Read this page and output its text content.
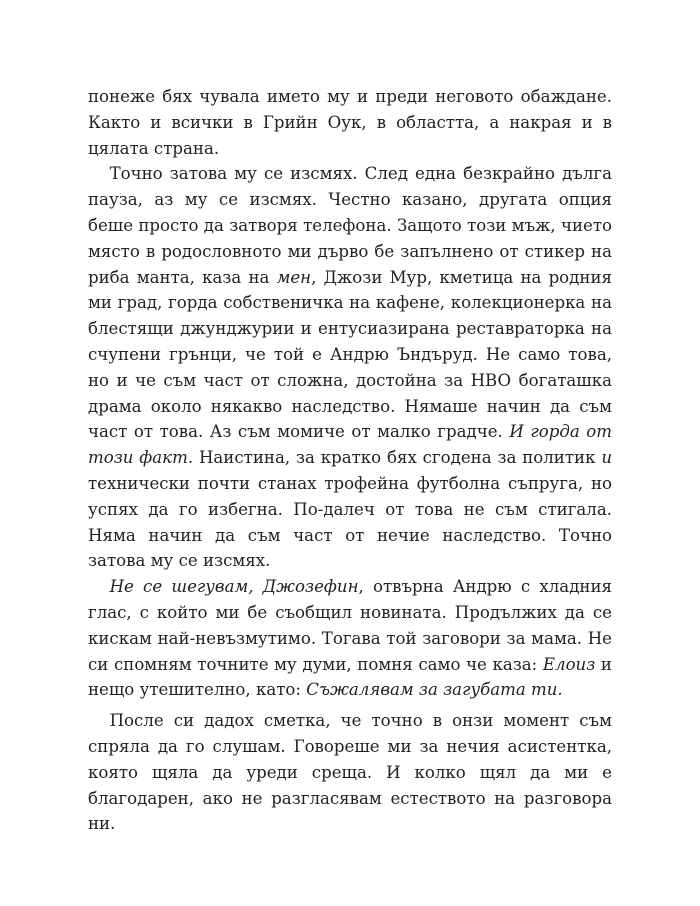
понеже бях чувала името му и преди неговото обаждане. Както и всички в Грийн Оук, в областта, а накрая и в цялата страна.

Точно затова му се изсмях. След една безкрайно дълга пауза, аз му се изсмях. Честно казано, другата опция беше просто да затворя телефона. Защото този мъж, чието място в родословното ми дърво бе запълнено от стикер на риба манта, каза на мен, Джози Мур, кметица на родния ми град, горда собственичка на кафене, колекционерка на блестящи джунджурии и ентусиазирана реставраторка на счупени грънци, че той е Андрю Ъндъруд. Не само това, но и че съм част от сложна, достойна за HBO богаташка драма около някакво наследство. Нямаше начин да съм част от това. Аз съм момиче от малко градче. И горда от този факт. Наистина, за кратко бях сгодена за политик и технически почти станах трофейна футболна съпруга, но успях да го избегна. По-далеч от това не съм стигала. Няма начин да съм част от нечие наследство. Точно затова му се изсмях.

Не се шегувам, Джозефин, отвърна Андрю с хладния глас, с който ми бе съобщил новината. Продължих да се кискам най-невъзмутимо. Тогава той заговори за мама. Не си спомням точните му думи, помня само че каза: Елоиз и нещо утешително, като: Съжалявам за загубата ти.

После си дадох сметка, че точно в онзи момент съм спряла да го слушам. Говореше ми за нечия асистентка, която щяла да уреди среща. И колко щял да ми е благодарен, ако не разгласявам естеството на разговора ни.
